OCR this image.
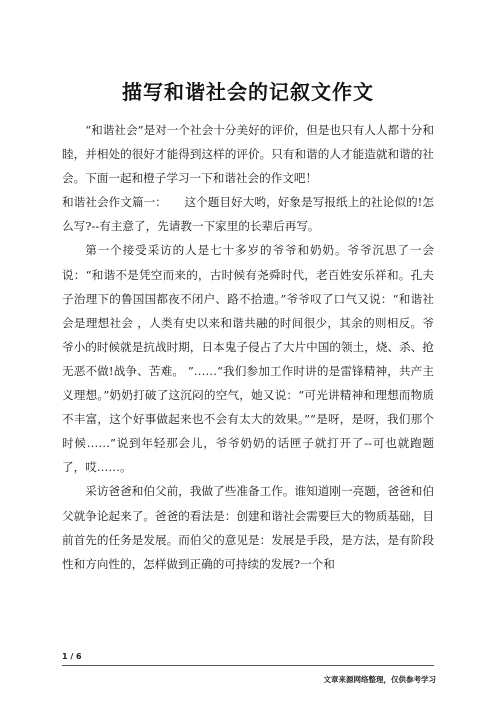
描写和谐社会的记叙文作文

“和谐社会”是对一个社会十分美好的评价，但是也只有人人都十分和睦，并相处的很好才能得到这样的评价。只有和谐的人才能造就和谐的社会。下面一起和橙子学习一下和谐社会的作文吧！

和谐社会作文篇一：　　这个题目好大哟，好象是写报纸上的社论似的!怎么写?--有主意了，先请教一下家里的长辈后再写。

第一个接受采访的人是七十多岁的爷爷和奶奶。爷爷沉思了一会说：“和谐不是凭空而来的，古时候有尧舜时代，老百姓安乐祥和。孔夫子治理下的鲁国国都夜不闭户、路不拾遗。”爷爷叹了口气又说：“和谐社会是理想社会 ，人类有史以来和谐共融的时间很少，其余的则相反。爷爷小的时候就是抗战时期，日本鬼子侵占了大片中国的领土，烧、杀、抢无恶不做!战争、苦难。 ”……“我们参加工作时讲的是雷锋精神，共产主义理想。”奶奶打破了这沉闷的空气，她又说：“可光讲精神和理想而物质不丰富，这个好事做起来也不会有太大的效果。”“是呀，是呀，我们那个时候……”说到年轻那会儿，爷爷奶奶的话匣子就打开了--可也就跑题了，哎……。

采访爸爸和伯父前，我做了些准备工作。谁知道刚一亮题，爸爸和伯父就争论起来了。爸爸的看法是：创建和谐社会需要巨大的物质基础，目前首先的任务是发展。而伯父的意见是：发展是手段，是方法，是有阶段性和方向性的，怎样做到正确的可持续的发展?一个和

1 / 6
文章来源网络整理，仅供参考学习
